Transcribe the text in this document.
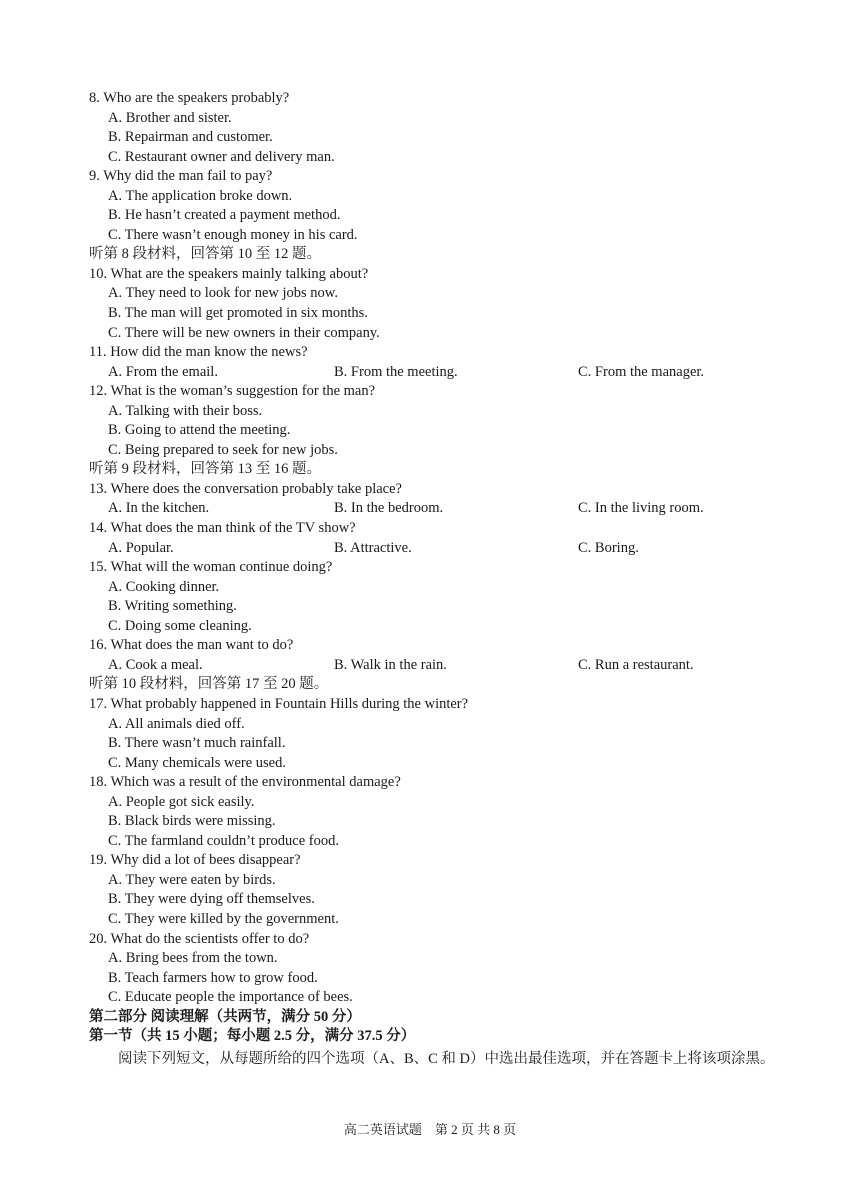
8. Who are the speakers probably?
A. Brother and sister.
B. Repairman and customer.
C. Restaurant owner and delivery man.
9. Why did the man fail to pay?
A. The application broke down.
B. He hasn’t created a payment method.
C. There wasn’t enough money in his card.
听第 8 段材料，回答第 10 至 12 题。
10. What are the speakers mainly talking about?
A. They need to look for new jobs now.
B. The man will get promoted in six months.
C. There will be new owners in their company.
11. How did the man know the news?
A. From the email.	B. From the meeting.	C. From the manager.
12. What is the woman’s suggestion for the man?
A. Talking with their boss.
B. Going to attend the meeting.
C. Being prepared to seek for new jobs.
听第 9 段材料，回答第 13 至 16 题。
13. Where does the conversation probably take place?
A. In the kitchen.	B. In the bedroom.	C. In the living room.
14. What does the man think of the TV show?
A. Popular.	B. Attractive.	C. Boring.
15. What will the woman continue doing?
A. Cooking dinner.
B. Writing something.
C. Doing some cleaning.
16. What does the man want to do?
A. Cook a meal.	B. Walk in the rain.	C. Run a restaurant.
听第 10 段材料，回答第 17 至 20 题。
17. What probably happened in Fountain Hills during the winter?
A. All animals died off.
B. There wasn’t much rainfall.
C. Many chemicals were used.
18. Which was a result of the environmental damage?
A. People got sick easily.
B. Black birds were missing.
C. The farmland couldn’t produce food.
19. Why did a lot of bees disappear?
A. They were eaten by birds.
B. They were dying off themselves.
C. They were killed by the government.
20. What do the scientists offer to do?
A. Bring bees from the town.
B. Teach farmers how to grow food.
C. Educate people the importance of bees.
第二部分 阅读理解（共两节，满分 50 分）
第一节（共 15 小题；每小题 2.5 分，满分 37.5 分）
阅读下列短文，从每题所给的四个选项（A、B、C 和 D）中选出最佳选项，并在答题卡上将该项涂黑。
高二英语试题　第 2 页 共 8 页
